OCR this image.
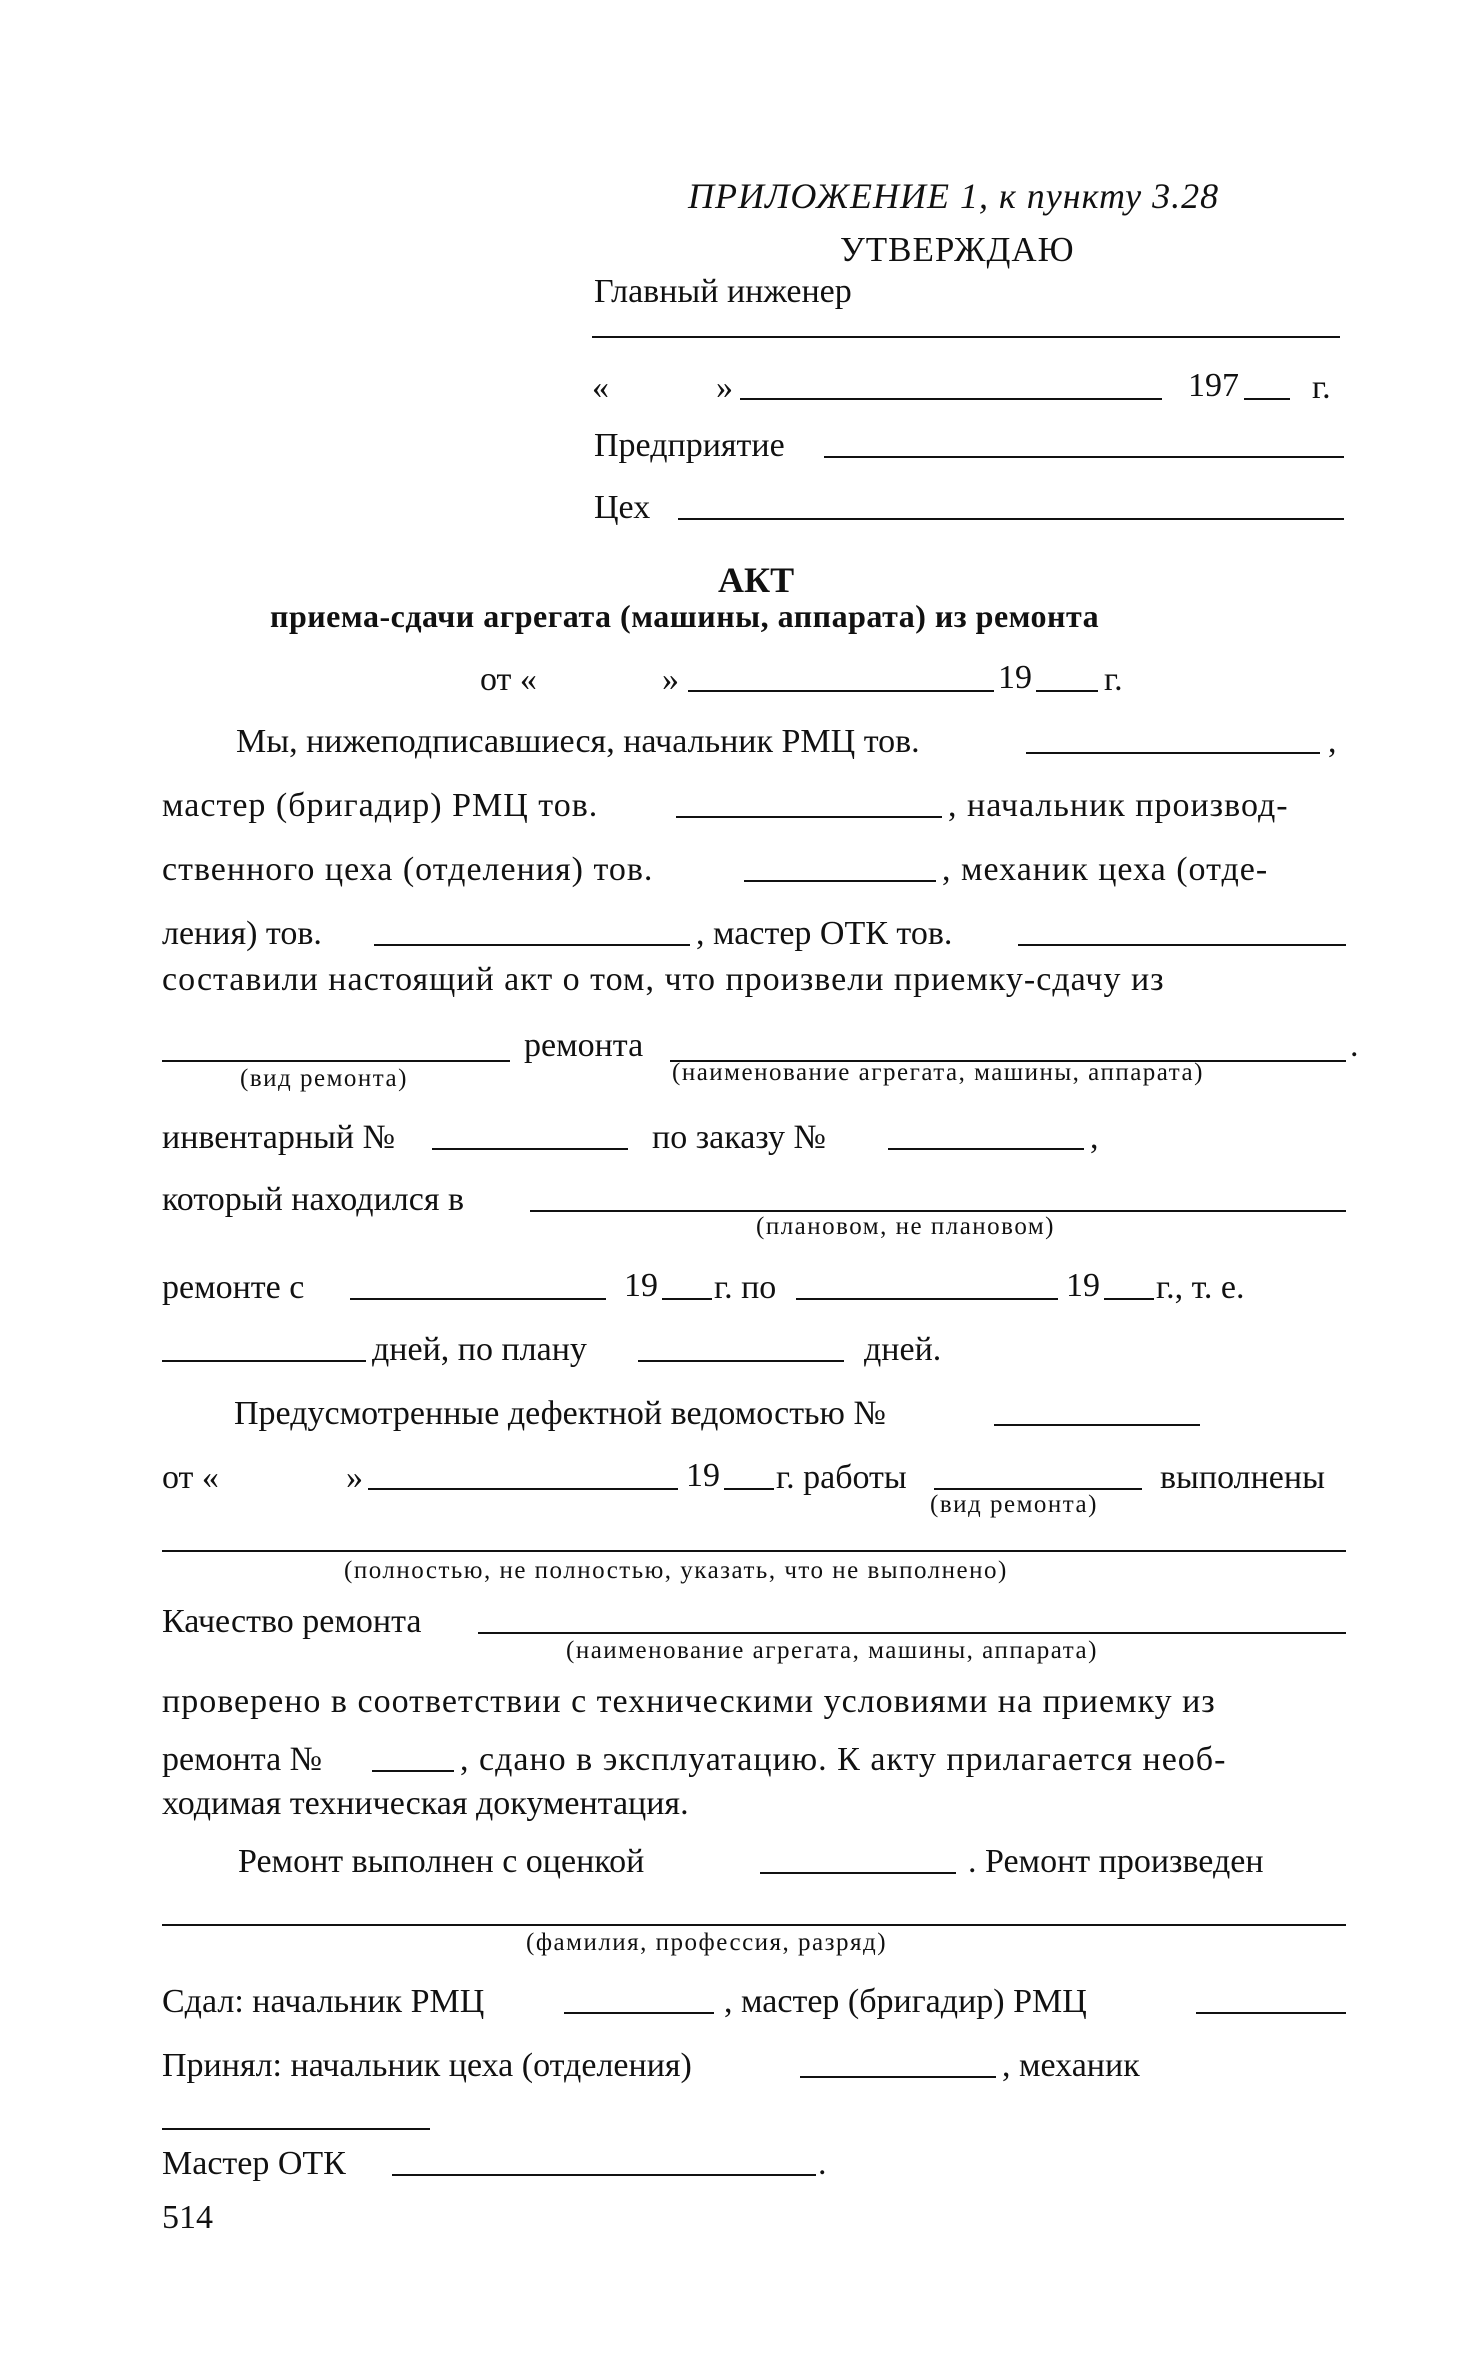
ПРИЛОЖЕНИЕ 1, к пункту 3.28
УТВЕРЖДАЮ
Главный инженер
«	»	197 г.
Предприятие
Цех
АКТ
приема-сдачи агрегата (машины, аппарата) из ремонта
от «	»	19 г.
Мы, нижеподписавшиеся, начальник РМЦ тов.	,
мастер (бригадир) РМЦ тов.	, начальник производ-
ственного цеха (отделения) тов.	, механик цеха (отде-
ления) тов.	, мастер ОТК тов.
составили настоящий акт о том, что произвели приемку-сдачу из
ремонта	.
(вид ремонта)	(наименование агрегата, машины, аппарата)
инвентарный №	по заказу №	,
который находился в
(плановом, не плановом)
ремонте с	19 г. по	19 г., т. е.
дней, по плану	дней.
Предусмотренные дефектной ведомостью №
от «	»	19 г. работы	выполнены
(вид ремонта)
(полностью, не полностью, указать, что не выполнено)
Качество ремонта
(наименование агрегата, машины, аппарата)
проверено в соответствии с техническими условиями на приемку из
ремонта №	, сдано в эксплуатацию. К акту прилагается необ-
ходимая техническая документация.
Ремонт выполнен с оценкой	. Ремонт произведен
(фамилия, профессия, разряд)
Сдал: начальник РМЦ	, мастер (бригадир) РМЦ
Принял: начальник цеха (отделения)	, механик
Мастер ОТК	.
514
